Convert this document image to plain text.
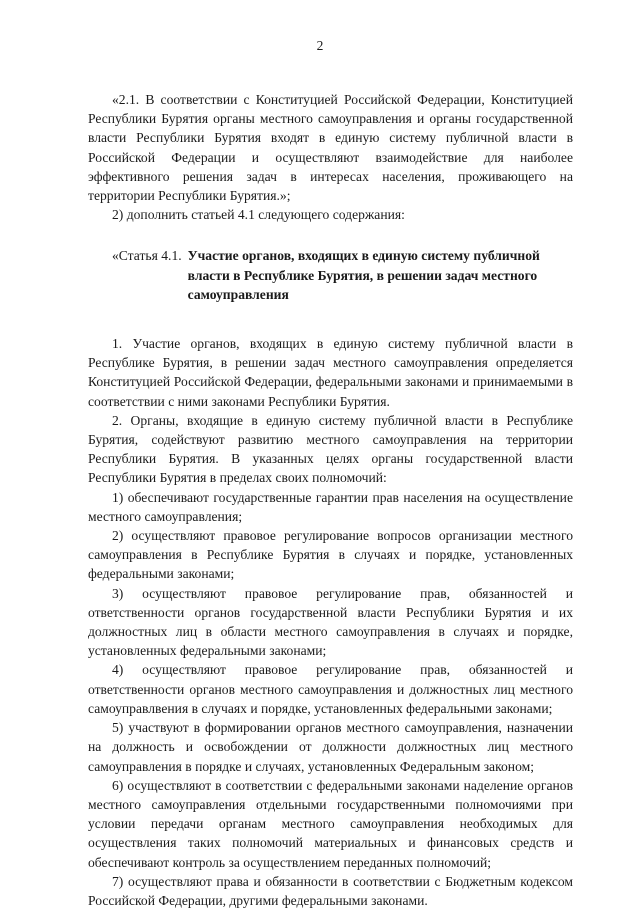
2

«2.1. В соответствии с Конституцией Российской Федерации, Конституцией Республики Бурятия органы местного самоуправления и органы государственной власти Республики Бурятия входят в единую систему публичной власти в Российской Федерации и осуществляют взаимодействие для наиболее эффективного решения задач в интересах населения, проживающего на территории Республики Бурятия.»;

2) дополнить статьей 4.1 следующего содержания:

«Статья 4.1. Участие органов, входящих в единую систему публичной власти в Республике Бурятия, в решении задач местного самоуправления

1. Участие органов, входящих в единую систему публичной власти в Республике Бурятия, в решении задач местного самоуправления определяется Конституцией Российской Федерации, федеральными законами и принимаемыми в соответствии с ними законами Республики Бурятия.

2. Органы, входящие в единую систему публичной власти в Республике Бурятия, содействуют развитию местного самоуправления на территории Республики Бурятия. В указанных целях органы государственной власти Республики Бурятия в пределах своих полномочий:

1) обеспечивают государственные гарантии прав населения на осуществление местного самоуправления;

2) осуществляют правовое регулирование вопросов организации местного самоуправления в Республике Бурятия в случаях и порядке, установленных федеральными законами;

3) осуществляют правовое регулирование прав, обязанностей и ответственности органов государственной власти Республики Бурятия и их должностных лиц в области местного самоуправления в случаях и порядке, установленных федеральными законами;

4) осуществляют правовое регулирование прав, обязанностей и ответственности органов местного самоуправления и должностных лиц местного самоуправлвения в случаях и порядке, установленных федеральными законами;

5) участвуют в формировании органов местного самоуправления, назначении на должность и освобождении от должности должностных лиц местного самоуправления в порядке и случаях, установленных Федеральным законом;

6) осуществляют в соответствии с федеральными законами наделение органов местного самоуправления отдельными государственными полномочиями при условии передачи органам местного самоуправления необходимых для осуществления таких полномочий материальных и финансовых средств и обеспечивают контроль за осуществлением переданных полномочий;

7) осуществляют права и обязанности в соответствии с Бюджетным кодексом Российской Федерации, другими федеральными законами.
